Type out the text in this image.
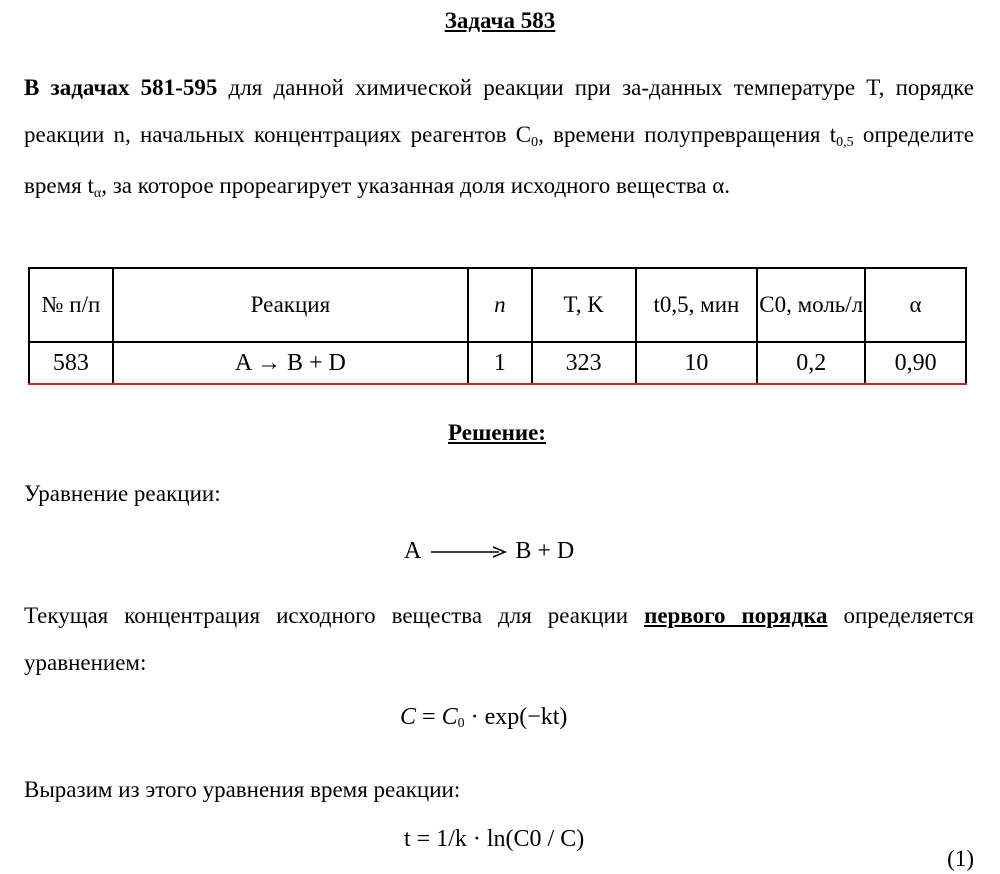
Задача 583
В задачах 581-595 для данной химической реакции при за-данных температуре T, порядке реакции n, начальных концентрациях реагентов C0, времени полупревращения t0,5 определите время tα, за которое прореагирует указанная доля исходного вещества α.
№ п/п	Реакция	n	T, K	t0,5, мин	C0, моль/л	α
583	A → B + D	1	323	10	0,2	0,90
Решение:
Уравнение реакции:
A → B + D
Текущая концентрация исходного вещества для реакции первого порядка определяется уравнением:
$C = C_0 \cdot \exp(-kt)$
Выразим из этого уравнения время реакции:
t = 1/k · ln(C0 / C)
(1)
